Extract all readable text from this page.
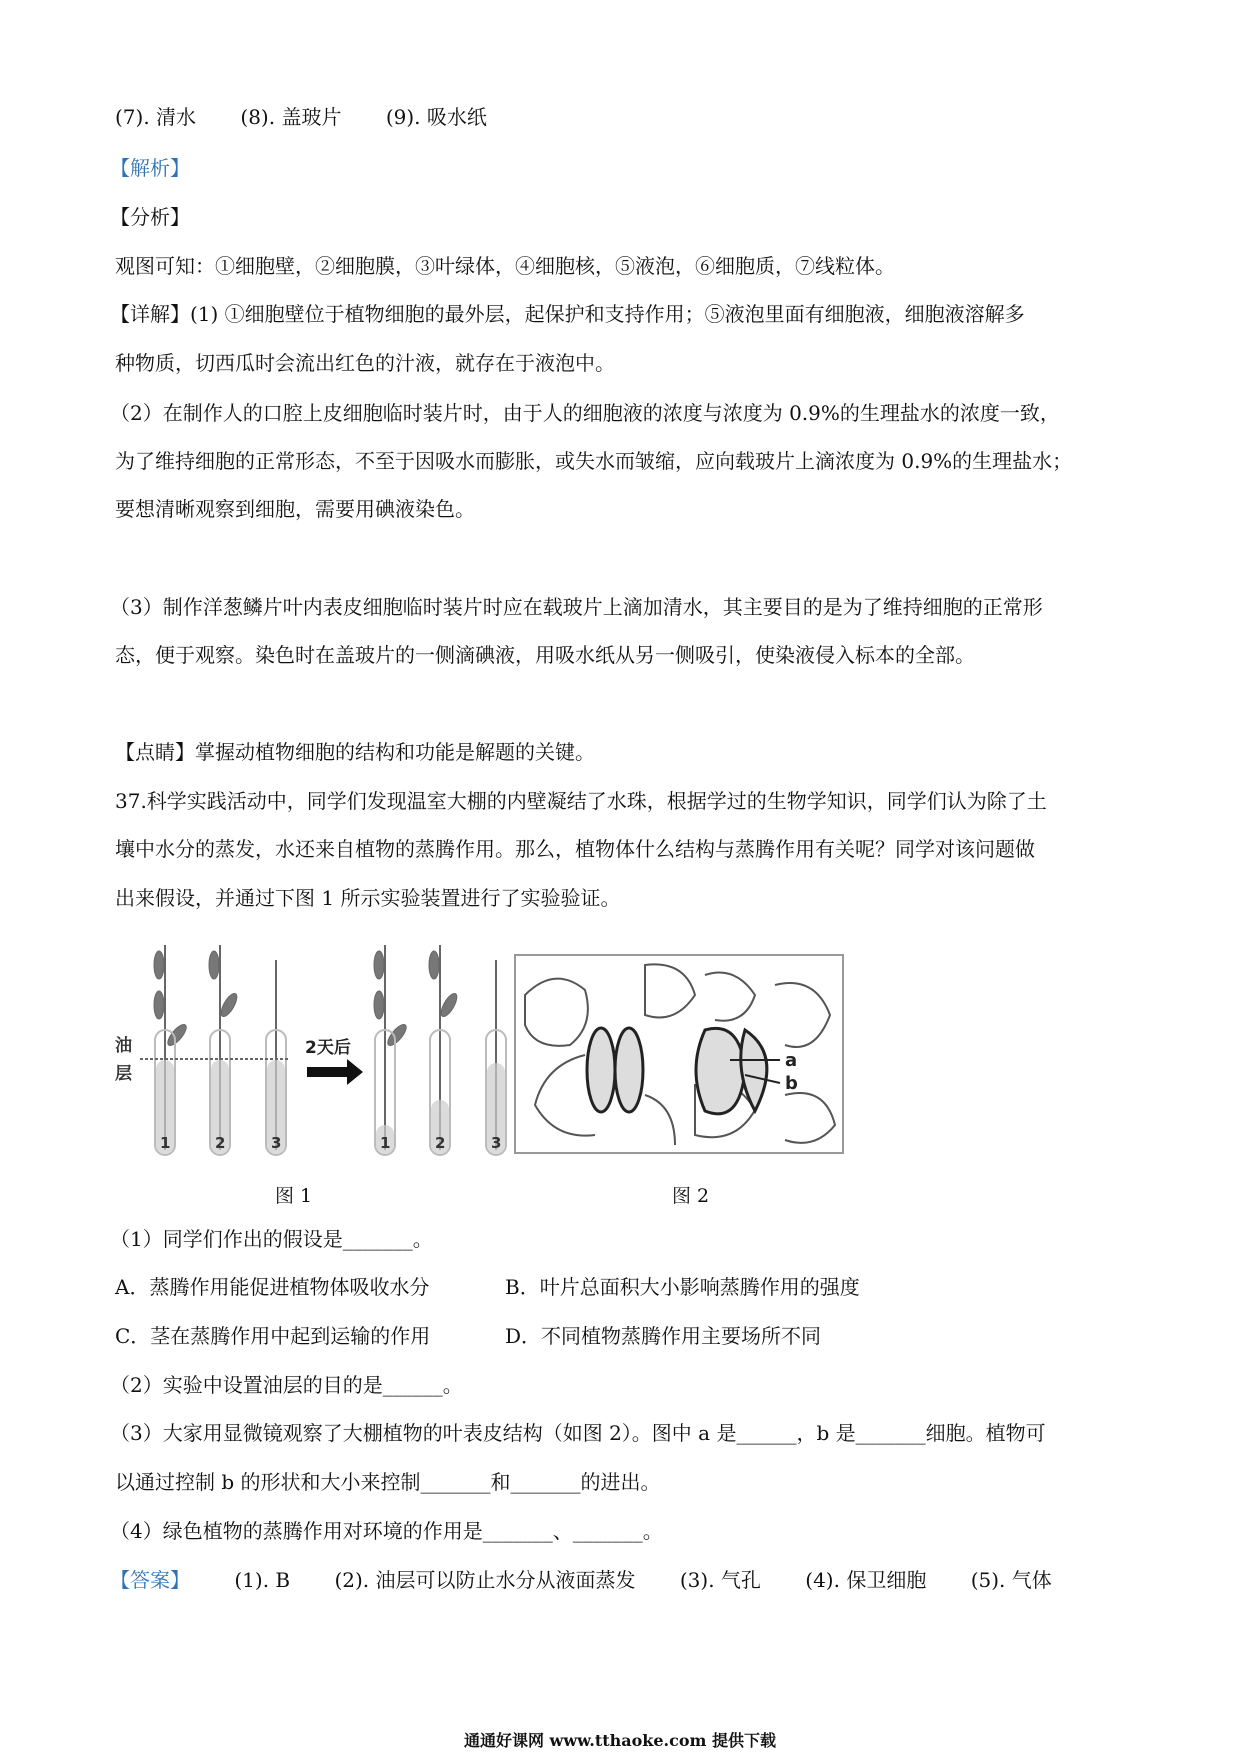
(7). 清水 (8). 盖玻片 (9). 吸水纸
【解析】
【分析】
观图可知：①细胞壁，②细胞膜，③叶绿体，④细胞核，⑤液泡，⑥细胞质，⑦线粒体。
【详解】(1) ①细胞壁位于植物细胞的最外层，起保护和支持作用；⑤液泡里面有细胞液，细胞液溶解多
种物质，切西瓜时会流出红色的汁液，就存在于液泡中。
（2）在制作人的口腔上皮细胞临时装片时，由于人的细胞液的浓度与浓度为 0.9%的生理盐水的浓度一致，
为了维持细胞的正常形态，不至于因吸水而膨胀，或失水而皱缩，应向载玻片上滴浓度为 0.9%的生理盐水；
要想清晰观察到细胞，需要用碘液染色。
（3）制作洋葱鳞片叶内表皮细胞临时装片时应在载玻片上滴加清水，其主要目的是为了维持细胞的正常形
态，便于观察。染色时在盖玻片的一侧滴碘液，用吸水纸从另一侧吸引，使染液侵入标本的全部。
【点睛】掌握动植物细胞的结构和功能是解题的关键。
37.科学实践活动中，同学们发现温室大棚的内壁凝结了水珠，根据学过的生物学知识，同学们认为除了土
壤中水分的蒸发，水还来自植物的蒸腾作用。那么，植物体什么结构与蒸腾作用有关呢？同学对该问题做
出来假设，并通过下图 1 所示实验装置进行了实验验证。
油
层
2天后
1	2	3	1	2	3
a
b
图 1	图 2
（1）同学们作出的假设是_______。
A．蒸腾作用能促进植物体吸收水分	B．叶片总面积大小影响蒸腾作用的强度
C．茎在蒸腾作用中起到运输的作用	D．不同植物蒸腾作用主要场所不同
（2）实验中设置油层的目的是______。
（3）大家用显微镜观察了大棚植物的叶表皮结构（如图 2）。图中 a 是______，b 是_______细胞。植物可
以通过控制 b 的形状和大小来控制_______和_______的进出。
（4）绿色植物的蒸腾作用对环境的作用是_______、_______。
【答案】 (1). B (2). 油层可以防止水分从液面蒸发 (3). 气孔 (4). 保卫细胞 (5). 气体
通通好课网 www.tthaoke.com 提供下载
